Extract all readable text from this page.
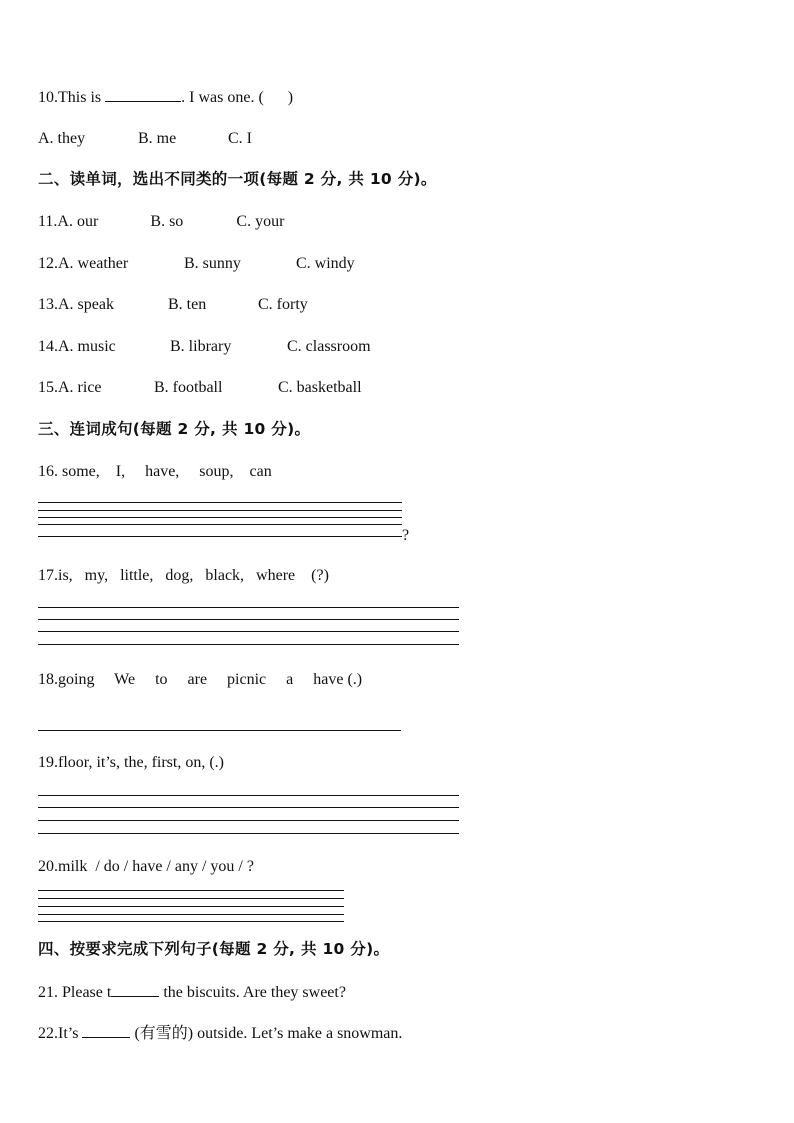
10.This is	. I was one. (      )
A. they	B. me	C. I
二、读单词，选出不同类的一项(每题 2 分, 共 10 分)。
11.A. our	B. so	C. your
12.A. weather	B. sunny	C. windy
13.A. speak	B. ten	C. forty
14.A. music	B. library	C. classroom
15.A. rice	B. football	C. basketball
三、连词成句(每题 2 分, 共 10 分)。
16. some,    I,     have,     soup,    can
?
17.is,   my,   little,   dog,   black,   where    (?)
18.going     We     to     are     picnic     a     have (.)
19.floor, it’s, the, first, on, (.)
20.milk  / do / have / any / you / ?
四、按要求完成下列句子(每题 2 分, 共 10 分)。
21. Please t	the biscuits. Are they sweet?
22.It’s	(有雪的) outside. Let’s make a snowman.
